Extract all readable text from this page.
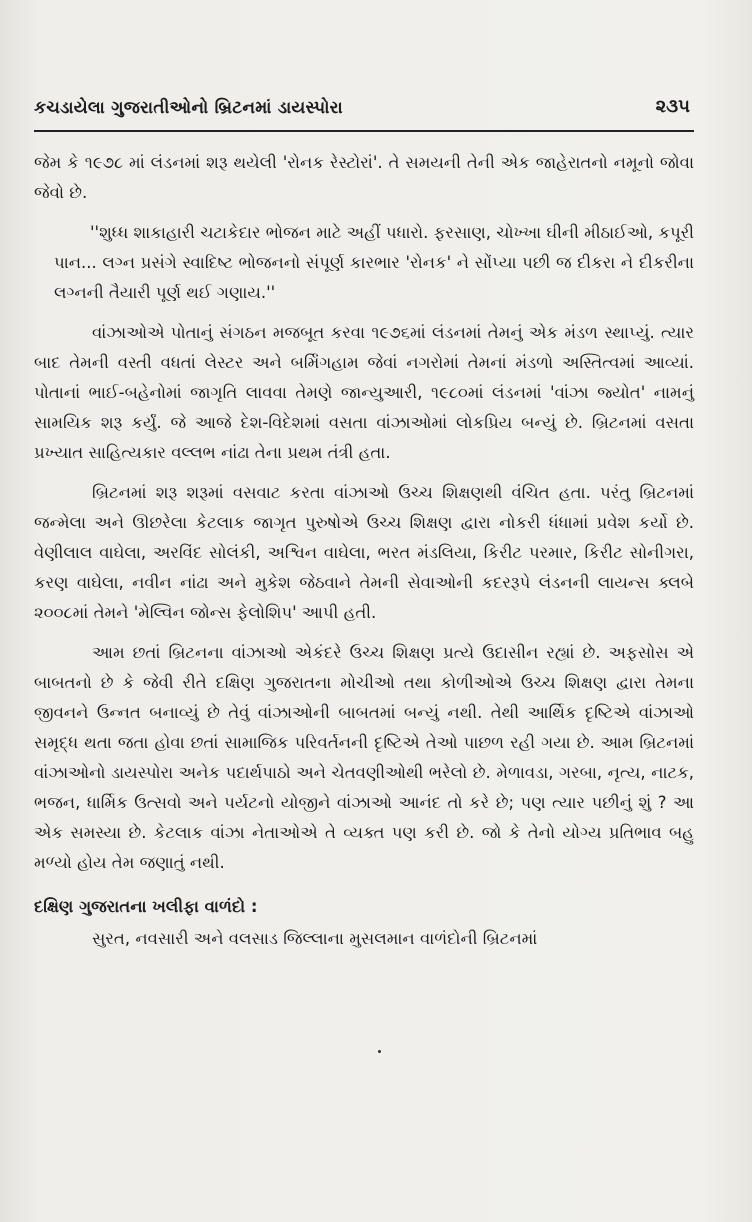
કચડાયેલા ગુજરાતીઓનો બ્રિટનમાં ડાયસ્પોરા	૨૩૫

જેમ કે ૧૯૭૮ માં લંડનમાં શરૂ થયેલી 'રોનક રેસ્ટોરાં'. તે સમયની તેની એક જાહેરાતનો નમૂનો જોવા જેવો છે.

''શુધ્ધ શાકાહારી ચટાકેદાર ભોજન માટે અહીં પધારો. ફરસાણ, ચોખ્ખા ઘીની મીઠાઈઓ, કપૂરી પાન... લગ્ન પ્રસંગે સ્વાદિષ્ટ ભોજનનો સંપૂર્ણ કારભાર 'રોનક' ને સોંપ્યા પછી જ દીકરા ને દીકરીના લગ્નની તૈયારી પૂર્ણ થઈ ગણાય.''

વાંઝાઓએ પોતાનું સંગઠન મજબૂત કરવા ૧૯૭૬માં લંડનમાં તેમનું એક મંડળ સ્થાપ્યું. ત્યાર બાદ તેમની વસ્તી વધતાં લેસ્ટર અને બર્મિંગહામ જેવાં નગરોમાં તેમનાં મંડળો અસ્તિત્વમાં આવ્યાં. પોતાનાં ભાઈ-બહેનોમાં જાગૃતિ લાવવા તેમણે જાન્યુઆરી, ૧૯૮૦માં લંડનમાં 'વાંઝા જ્યોત' નામનું સામયિક શરૂ કર્યું. જે આજે દેશ-વિદેશમાં વસતા વાંઝાઓમાં લોકપ્રિય બન્યું છે. બ્રિટનમાં વસતા પ્રખ્યાત સાહિત્યકાર વલ્લભ નાંઢા તેના પ્રથમ તંત્રી હતા.

બ્રિટનમાં શરૂ શરૂમાં વસવાટ કરતા વાંઝાઓ ઉચ્ચ શિક્ષણથી વંચિત હતા. પરંતુ બ્રિટનમાં જન્મેલા અને ઊછરેલા કેટલાક જાગૃત પુરુષોએ ઉચ્ચ શિક્ષણ દ્વારા નોકરી ધંધામાં પ્રવેશ કર્યો છે. વેણીલાલ વાઘેલા, અરવિંદ સોલંકી, અશ્વિન વાઘેલા, ભરત મંડલિયા, કિરીટ પરમાર, કિરીટ સોનીગરા, કરણ વાઘેલા, નવીન નાંઢા અને મુકેશ જેઠવાને તેમની સેવાઓની કદરરૂપે લંડનની લાયન્સ ક્લબે ૨૦૦૮માં તેમને 'મેલ્વિન જોન્સ ફેલોશિપ' આપી હતી.

આમ છતાં બ્રિટનના વાંઝાઓ એકંદરે ઉચ્ચ શિક્ષણ પ્રત્યે ઉદાસીન રહ્યાં છે. અફસોસ એ બાબતનો છે કે જેવી રીતે દક્ષિણ ગુજરાતના મોચીઓ તથા કોળીઓએ ઉચ્ચ શિક્ષણ દ્વારા તેમના જીવનને ઉન્નત બનાવ્યું છે તેવું વાંઝાઓની બાબતમાં બન્યું નથી. તેથી આર્થિક દૃષ્ટિએ વાંઝાઓ સમૃદ્ધ થતા જતા હોવા છતાં સામાજિક પરિવર્તનની દૃષ્ટિએ તેઓ પાછળ રહી ગયા છે. આમ બ્રિટનમાં વાંઝાઓનો ડાયસ્પોરા અનેક પદાર્થપાઠો અને ચેતવણીઓથી ભરેલો છે. મેળાવડા, ગરબા, નૃત્ય, નાટક, ભજન, ધાર્મિક ઉત્સવો અને પર્યટનો યોજીને વાંઝાઓ આનંદ તો કરે છે; પણ ત્યાર પછીનું શું ? આ એક સમસ્યા છે. કેટલાક વાંઝા નેતાઓએ તે વ્યક્ત પણ કરી છે. જો કે તેનો યોગ્ય પ્રતિભાવ બહુ મળ્યો હોય તેમ જણાતું નથી.

દક્ષિણ ગુજરાતના ખલીફા વાળંદો :

સુરત, નવસારી અને વલસાડ જિલ્લાના મુસલમાન વાળંદોની બ્રિટનમાં
